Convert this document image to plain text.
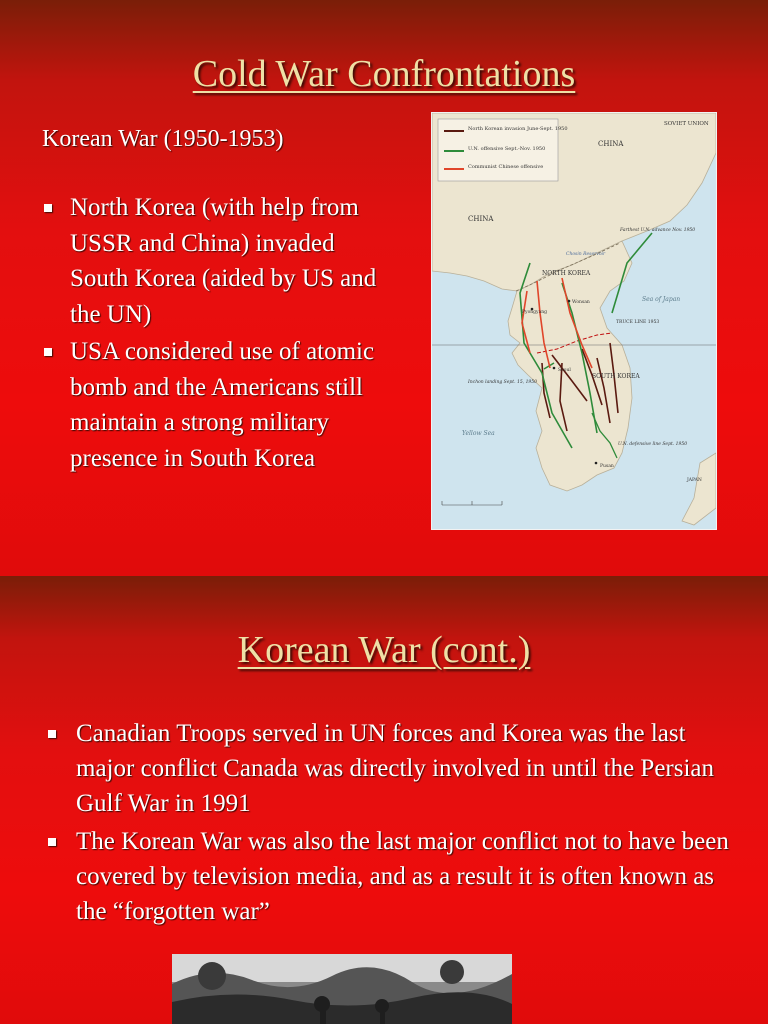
Cold War Confrontations
Korean War (1950-1953)
North Korea (with help from USSR and China) invaded South Korea (aided by US and the UN)
USA considered use of atomic bomb and the Americans still maintain a strong military presence in South Korea
North Korean invasion June-Sept. 1950
U.N. offensive Sept.-Nov. 1950
Communist Chinese offensive
SOVIET UNION
CHINA
CHINA
NORTH KOREA
SOUTH KOREA
Sea of Japan
Yellow Sea
Farthest U.N. advance Nov. 1950
TRUCE LINE 1953
Inchon landing Sept. 15, 1950
U.N. defensive line Sept. 1950
Pyongyang
Seoul
Wonsan
Pusan
Chosin Reservoir
JAPAN
Korean War (cont.)
Canadian Troops served in UN forces and Korea was the last major conflict Canada was directly involved in until the Persian Gulf War in 1991
The Korean War was also the last major conflict not to have been covered by television media, and as a result it is often known as the “forgotten war”
